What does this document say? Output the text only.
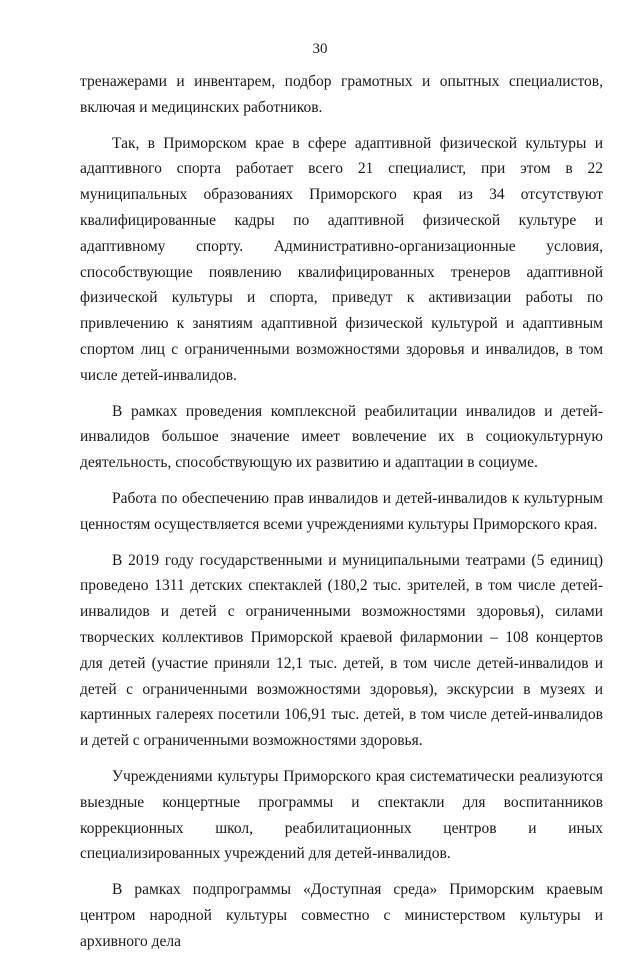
30

тренажерами и инвентарем, подбор грамотных и опытных специалистов, включая и медицинских работников.

Так, в Приморском крае в сфере адаптивной физической культуры и адаптивного спорта работает всего 21 специалист, при этом в 22 муниципальных образованиях Приморского края из 34 отсутствуют квалифицированные кадры по адаптивной физической культуре и адаптивному спорту. Административно-организационные условия, способствующие появлению квалифицированных тренеров адаптивной физической культуры и спорта, приведут к активизации работы по привлечению к занятиям адаптивной физической культурой и адаптивным спортом лиц с ограниченными возможностями здоровья и инвалидов, в том числе детей-инвалидов.

В рамках проведения комплексной реабилитации инвалидов и детей-инвалидов большое значение имеет вовлечение их в социокультурную деятельность, способствующую их развитию и адаптации в социуме.

Работа по обеспечению прав инвалидов и детей-инвалидов к культурным ценностям осуществляется всеми учреждениями культуры Приморского края.

В 2019 году государственными и муниципальными театрами (5 единиц) проведено 1311 детских спектаклей (180,2 тыс. зрителей, в том числе детей-инвалидов и детей с ограниченными возможностями здоровья), силами творческих коллективов Приморской краевой филармонии – 108 концертов для детей (участие приняли 12,1 тыс. детей, в том числе детей-инвалидов и детей с ограниченными возможностями здоровья), экскурсии в музеях и картинных галереях посетили 106,91 тыс. детей, в том числе детей-инвалидов и детей с ограниченными возможностями здоровья.

Учреждениями культуры Приморского края систематически реализуются выездные концертные программы и спектакли для воспитанников коррекционных школ, реабилитационных центров и иных специализированных учреждений для детей-инвалидов.

В рамках подпрограммы «Доступная среда» Приморским краевым центром народной культуры совместно с министерством культуры и архивного дела
